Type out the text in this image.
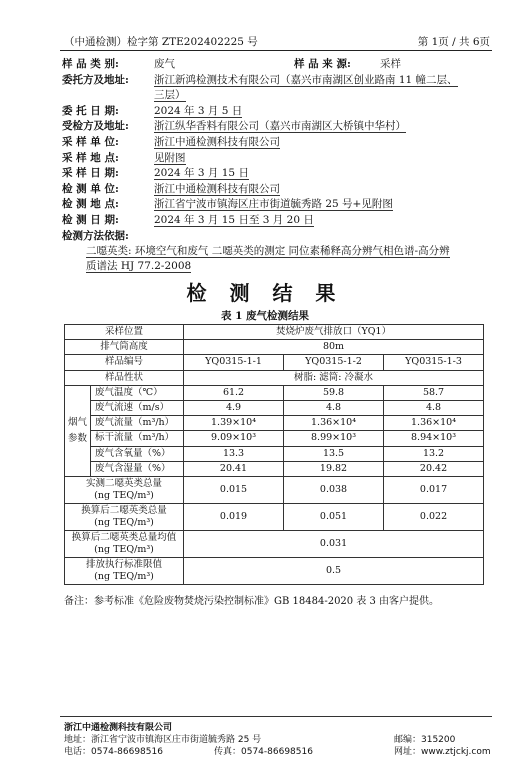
（中通检测）检字第 ZTE202402225 号	第 1页 / 共 6页
样 品 类 别:	废气	样 品 来 源:	采样
委托方及地址:	浙江新鸿检测技术有限公司（嘉兴市南湖区创业路南 11 幢二层、
三层）
委 托 日 期:	2024 年 3 月 5 日
受检方及地址:	浙江纵华香料有限公司（嘉兴市南湖区大桥镇中华村）
采 样 单 位:	浙江中通检测科技有限公司
采 样 地 点:	见附图
采 样 日 期:	2024 年 3 月 15 日
检 测 单 位:	浙江中通检测科技有限公司
检 测 地 点:	浙江省宁波市镇海区庄市街道毓秀路 25 号+见附图
检 测 日 期:	2024 年 3 月 15 日至 3 月 20 日
检测方法依据:
二噁英类: 环境空气和废气 二噁英类的测定 同位素稀释高分辨气相色谱-高分辨
质谱法 HJ 77.2-2008
检 测 结 果
表 1 废气检测结果
采样位置		焚烧炉废气排放口（YQ1）		
排气筒高度		80m		
样品编号		YQ0315-1-1	YQ0315-1-2	YQ0315-1-3
样品性状		树脂: 滤筒: 冷凝水		

烟气
参数	废气温度（℃）	61.2	59.8	58.7
	废气流速（m/s）	4.9	4.8	4.8
	废气流量（m³/h）	1.39×10⁴	1.36×10⁴	1.36×10⁴
	标干流量（m³/h）	9.09×10³	8.99×10³	8.94×10³
	废气含氧量（%）	13.3	13.5	13.2
	废气含湿量（%）	20.41	19.82	20.42

实测二噁英类总量
(ng TEQ/m³)		0.015	0.038	0.017

换算后二噁英类总量
(ng TEQ/m³)		0.019	0.051	0.022

换算后二噁英类总量均值
(ng TEQ/m³)		0.031		

排放执行标准限值
(ng TEQ/m³)		0.5		
备注：参考标准《危险废物焚烧污染控制标准》GB 18484-2020 表 3 由客户提供。
浙江中通检测科技有限公司
地址：浙江省宁波市镇海区庄市街道毓秀路 25 号	邮编：315200
电话：0574-86698516	传真：0574-86698516	网址：www.ztjckj.com
